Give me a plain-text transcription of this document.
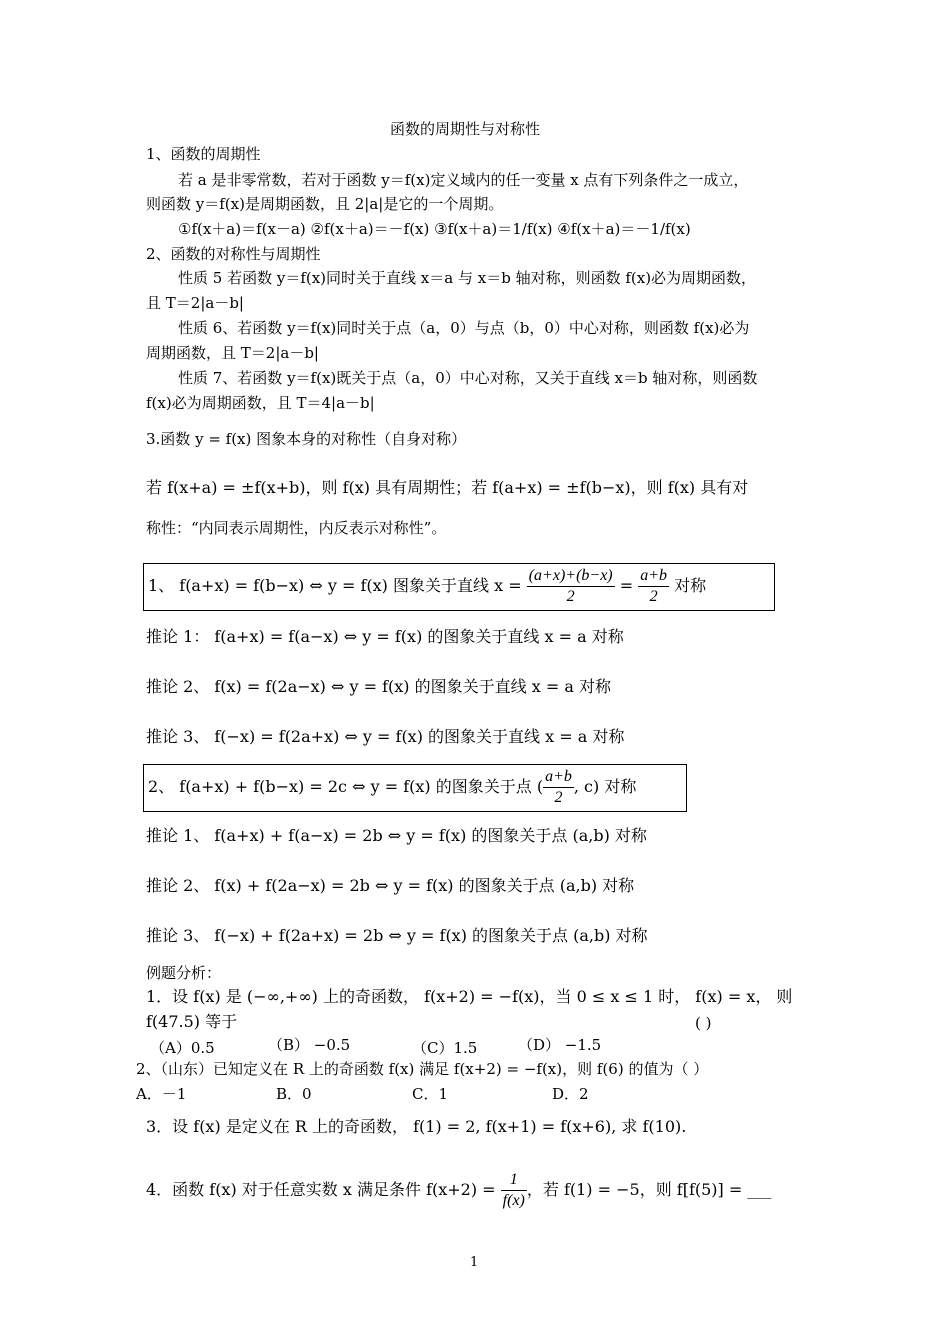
函数的周期性与对称性
1、函数的周期性
若 a 是非零常数，若对于函数 y＝f(x)定义域内的任一变量 x 点有下列条件之一成立，
则函数 y＝f(x)是周期函数，且 2|a|是它的一个周期。
①f(x＋a)＝f(x－a) ②f(x＋a)＝－f(x) ③f(x＋a)＝1/f(x) ④f(x＋a)＝－1/f(x)
2、函数的对称性与周期性
性质 5 若函数 y＝f(x)同时关于直线 x＝a 与 x＝b 轴对称，则函数 f(x)必为周期函数，
且 T＝2|a－b|
性质 6、若函数 y＝f(x)同时关于点（a，0）与点（b，0）中心对称，则函数 f(x)必为
周期函数，且 T＝2|a－b|
性质 7、若函数 y＝f(x)既关于点（a，0）中心对称，又关于直线 x＝b 轴对称，则函数
f(x)必为周期函数，且 T＝4|a－b|
3.函数 y = f(x) 图象本身的对称性（自身对称）
若 f(x+a) = ±f(x+b)，则 f(x) 具有周期性；若 f(a+x) = ±f(b−x)，则 f(x) 具有对
称性：“内同表示周期性，内反表示对称性”。
1、 f(a+x) = f(b−x) ⇔ y = f(x) 图象关于直线 $x = \frac{(a+x)+(b-x)}{2} = \frac{a+b}{2}$ 对称
推论 1： f(a+x) = f(a−x) ⇔ y = f(x) 的图象关于直线 x = a 对称
推论 2、 f(x) = f(2a−x) ⇔ y = f(x) 的图象关于直线 x = a 对称
推论 3、 f(−x) = f(2a+x) ⇔ y = f(x) 的图象关于直线 x = a 对称
2、 f(a+x) + f(b−x) = 2c ⇔ y = f(x) 的图象关于点 ( $\frac{a+b}{2}$ , c) 对称
推论 1、 f(a+x) + f(a−x) = 2b ⇔ y = f(x) 的图象关于点 (a,b) 对称
推论 2、 f(x) + f(2a−x) = 2b ⇔ y = f(x) 的图象关于点 (a,b) 对称
推论 3、 f(−x) + f(2a+x) = 2b ⇔ y = f(x) 的图象关于点 (a,b) 对称
例题分析：
1．设 f(x) 是 (−∞,+∞) 上的奇函数， f(x+2) = −f(x)，当 0 ≤ x ≤ 1 时， f(x) = x， 则
f(47.5) 等于	( )
（A）0.5	（B） −0.5	（C）1.5	（D） −1.5
2、（山东）已知定义在 R 上的奇函数 f(x) 满足 f(x+2) = −f(x)，则 f(6) 的值为（ ）
A．－1	B．0	C．1	D．2
3．设 f(x) 是定义在 R 上的奇函数， f(1) = 2, f(x+1) = f(x+6), 求 f(10).
4．函数 f(x) 对于任意实数 x 满足条件 $f(x+2) = \frac{1}{f(x)}$ ，若 f(1) = −5，则 f[f(5)] = ___
1
